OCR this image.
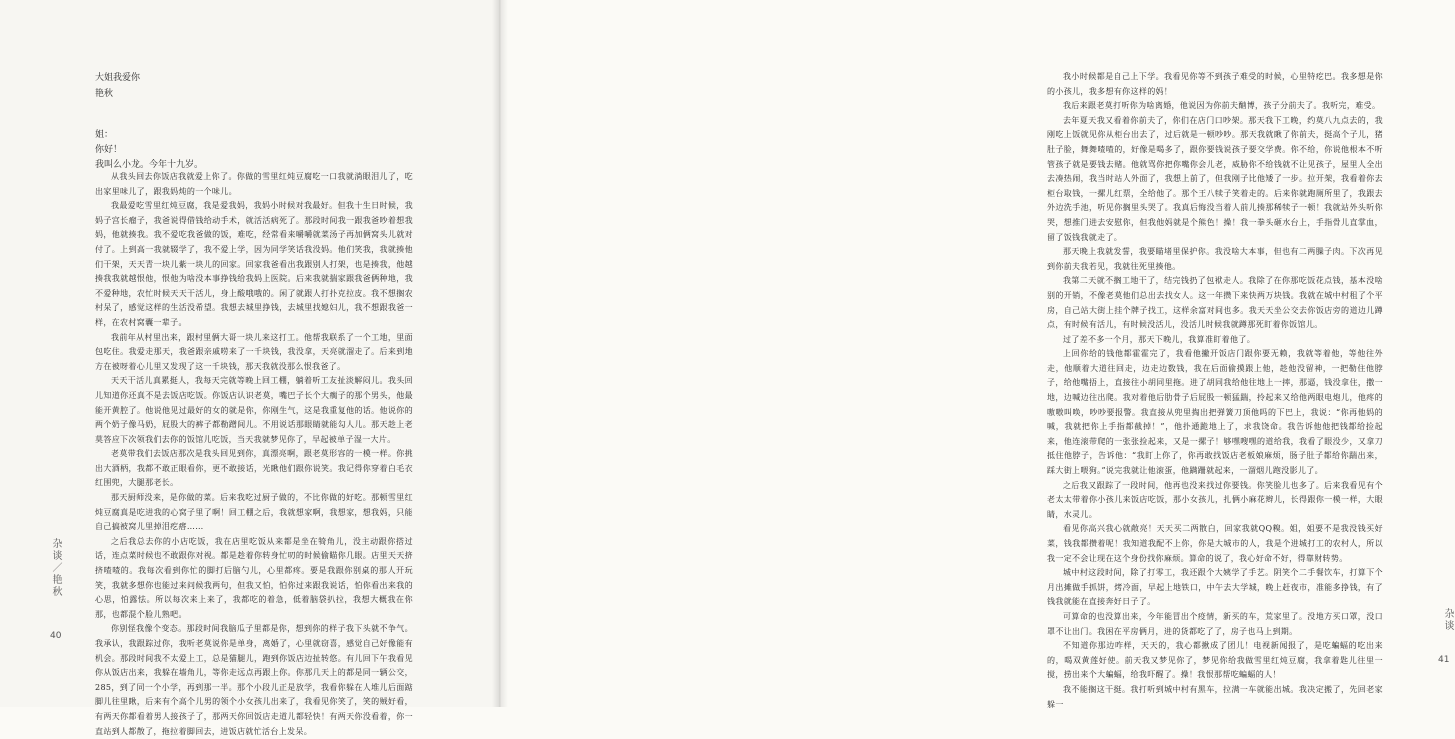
大姐我爱你
艳秋
姐：
你好！
我叫么小龙。今年十九岁。

从我头回去你饭店我就爱上你了。你做的雪里红炖豆腐吃一口我就淌眼泪儿了，吃出家里味儿了，跟我妈炖的一个味儿。

我最爱吃雪里红炖豆腐，我是爱我妈，我妈小时候对我最好。但我十生日时候，我妈子宫长瘤子，我爸说得借钱给动手术，就活活病死了。那段时间我一跟我爸吵着想我妈，他就揍我。我不爱吃我爸做的饭，难吃，经常看来嚼嚼就菜汤子再加俩窝头儿就对付了。上到高一我就辍学了，我不爱上学，因为同学笑话我没妈。他们笑我，我就揍他们干架，天天青一块儿紫一块儿的回家。回家我爸看出我跟别人打架，也是揍我，他越揍我我就越恨他，恨他为啥没本事挣钱给我妈上医院。后来我就揣家跟我爸俩种地，我不爱种地，农忙时候天天干活儿，身上酸哦哦的。闲了就跟人打扑克拉皮。我不想搁农村呆了，感觉这样的生活没希望。我想去城里挣钱，去城里找媳妇儿，我不想跟我爸一样，在农村窝囊一辈子。

我前年从村里出来，跟村里俩大哥一块儿来这打工。他帮我联系了一个工地，里面包吃住。我爱走那天，我爸跟亲戚唠来了一千块钱，我没拿，天亮就溜走了。后来到地方在被呀着心儿里又发现了这一千块钱，那天我就没那么恨我爸了。

天天干活儿真累挺人，我每天完就等晚上回工棚，躺着听工友扯淡解闷儿。我头回儿知道你还真不是去饭店吃饭。你饭店认识老莫，嘴巴子长个大瘸子的那个男头，他最能开黄腔了。他说他见过最好的女的就是你，你刚生气，这是我重复他的话。他说你的两个奶子像马奶，屁股大的裤子都勒蹭间儿。不用说话那眼睛就能勾人儿。那天趁上老莫答应下次领我们去你的饭馆儿吃饭，当天我就梦见你了，早起被单子湿一大片。

老莫带我们去饭店那次是我头回见到你，真漂亮啊，跟老莫形容的一模一样。你挑出大酒柄，我都不敢正眼看你，更不敢接话，光瞅他们跟你说笑。我记得你穿着白毛衣红围兜，大腿那老长。

那天厨师没来，是你做的菜。后来我吃过厨子做的，不比你做的好吃。那顿雪里红炖豆腐真是吃进我的心窝子里了啊！回工棚之后，我就想家啊，我想家，想我妈，只能自己搞被窝儿里掉泪疙瘩……

之后我总去你的小店吃饭，我在店里吃饭从来都是坐在犄角儿，没主动跟你搭过话，连点菜时候也不敢跟你对视。都是趁着你转身忙叨的时候偷瞄你几眼。店里天天挤挤喳喳的。我每次看到你忙的脚打后脑勺儿，心里都疼。要是我跟你别桌的那人开玩笑，我就多想你也能过来问候我两句，但我又怕，怕你过来跟我说话，怕你看出来我的心思，怕露怯。所以每次来上来了，我都吃的着急，低着脑袋扒拉，我想大概我在你那，也都混个脸儿熟吧。

你别怪我像个变态。那段时间我脑瓜子里都是你，想到你的样子我下头就不争气。我承认，我跟踪过你，我听老莫说你是单身，离婚了，心里就窃喜，感觉自己好像能有机会。那段时间我不太爱上工，总是猫腿儿，跑到你饭店边扯转悠。有儿回下午我看见你从饭店出来，我躲在墙角儿，等你走远点再跟上你。你那几天上的都是同一辆公交，285，到了同一个小学，再到那一半。那个小段儿正是放学，我看你躲在人堆儿后面踮脚儿往里瞅，后来有个高个儿男的领个小女孩儿出来了，我看见你笑了，笑的贼好看，有两天你都看着男人接孩子了，那两天你回饭店走道儿都轻快！有两天你没看着，你一直站到人都散了，拖拉着脚回去，进饭店就忙活台上发呆。

杂谈／艳秋
40

我小时候都是自己上下学。我看见你等不到孩子难受的时候，心里特疙巴。我多想是你的小孩儿，我多想有你这样的妈！

我后来跟老莫打听你为啥离婚，他说因为你前夫酗博，孩子分前夫了。我听完，难受。

去年夏天我又看着你前夫了，你们在店门口吵架。那天我下工晚，约莫八九点去的，我刚吃上饭就见你从柜台出去了，过后就是一顿吵吵。那天我就瞅了你前夫，挺高个子儿，猪肚子脸，舞舞喳喳的，好像是喝多了，跟你要钱说孩子要交学费。你不给，你说他根本不听管孩子就是要钱去赌。他就骂你把你嘴你会儿老，威胁你不给钱就不让见孩子，屋里人全出去凑热闹，我当时站人外面了，我想上前了，但我刚子比他矮了一步。拉开架，我看着你去柜台取钱，一摞儿红票，全给他了。那个王八犊子笑着走的。后来你就跑厕所里了，我跟去外边洗手池，听见你搁里头哭了。我真后悔没当着人前儿揍那稀犊子一顿！我就站外头听你哭，想推门进去安慰你，但我他妈就是个熊色！操！我一拳头砸水台上，手指骨儿直掌血，留了饭钱我就走了。

那天晚上我就发誓，我要瞄堵里保护你。我没啥大本事，但也有二两臊子肉。下次再见到你前夫我若见，我就往死里揍他。

我第二天就不搁工地干了，结完钱扔了包袱走人。我除了在你那吃饭花点钱，基本没啥别的开销，不像老莫他们总出去找女人。这一年攒下来快两万块钱。我就在城中村租了个平房，自己站大街上挂个牌子找工，这样余富对间也多。我天天坐公交去你饭店旁的道边儿蹲点，有时候有活儿，有时候没活儿，没活儿时候我就蹲那死盯着你饭馆儿。

过了差不多一个月，那天下晚儿，我算准盯着他了。

上回你给的钱他都霍霍完了，我看他撇开饭店门跟你要无赖，我就等着他，等他往外走，他顺着大道往回走，边走边数钱，我在后面偷摸跟上他，趁他没留神，一把勒住他脖子，给他嘴捂上，直接往小胡同里拖。进了胡同我给他往地上一摔，那逼，钱没拿住，撒一地，边喊边往出爬。我对着他后肋骨子后屁股一顿猛踹，拎起来又给他两眼电炮儿，他疼的嗷嗷叫唤，吵吵要报警。我直接从兜里掏出把弹簧刀顶他吗的下巴上，我说：“你再他妈的喊，我就把你上手指都截掉！”，他扑通跪地上了，求我饶命。我告诉他他把钱都给捡起来，他连滚带爬的一张张捡起来，又是一摞子！够嘿嗖嘿的道给我，我看了眼没少，又拿刀抵住他脖子，告诉他：“我盯上你了，你再敢找饭店老板娘麻烦，肠子肚子都给你踹出来，踩大街上喂狗。”说完我就让他滚蛋，他蹒跚就起来，一溜烟儿跑没影儿了。

之后我又跟踪了一段时间，他再也没来找过你要钱。你笑脸儿也多了。后来我看见有个老太太带着你小孩儿来饭店吃饭，那小女孩儿，扎俩小麻花辫儿，长得跟你一模一样，大眼睛，水灵儿。

看见你高兴我心就敞亮！天天买二两散白，回家我就QQ糗。姐，姐要不是我没钱买好菜，钱我都攒着呢！我知道我配不上你，你是大城市的人，我是个进城打工的农村人，所以我一定不会让现在这个身份找你麻烦。算命的说了，我心好命不好，得靠财转势。

城中村这段时间，除了打零工，我还跟个大姨学了手艺。阴笑个二手餐饮车，打算下个月出摊做手抓饼，烤冷面，早起上地铁口，中午去大学城，晚上赶夜市，准能多挣钱，有了钱我就能在直接奔好日子了。

可算命的也没算出来，今年能冒出个疫情，新买的车，荒家里了。没地方买口罩，没口罩不让出门。我困在平房俩月，进的货都吃了了，房子也马上到期。

不知道你那边咋样，天天的，我心都揪成了团儿！电视新闻报了，是吃蝙蝠的吃出来的，喝双黄莲好使。前天我又梦见你了，梦见你给我做雪里红炖豆腐，我拿着匙儿往里一搅，捞出来个大蝙蝠，给我吓醒了。操！我恨那帮吃蝙蝠的人！

我不能搁这干挺。我打听到城中村有黑车，拉满一车就能出城。我决定搬了，先回老家躲一

杂谈
41
